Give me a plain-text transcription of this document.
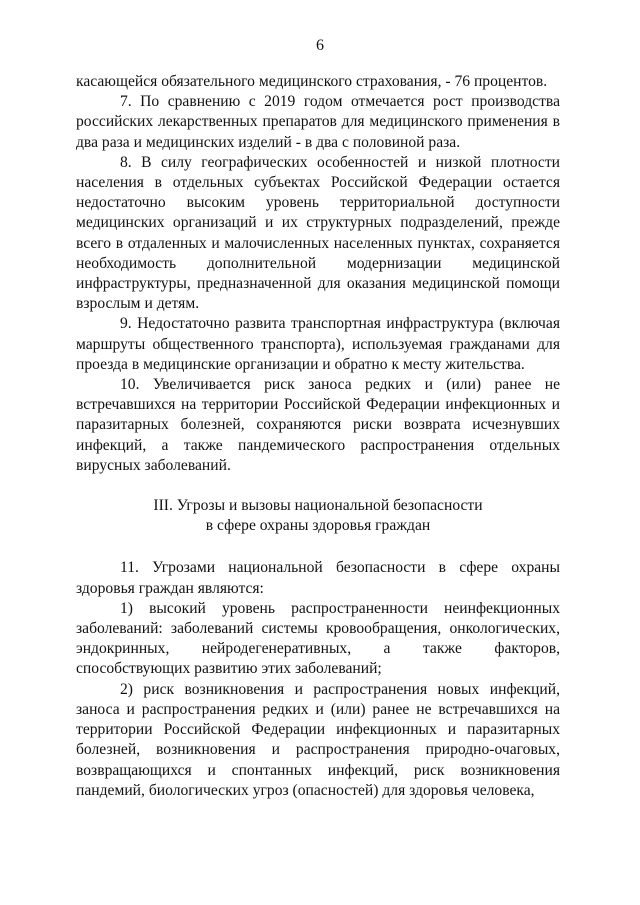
6

касающейся обязательного медицинского страхования, - 76 процентов.

7. По сравнению с 2019 годом отмечается рост производства российских лекарственных препаратов для медицинского применения в два раза и медицинских изделий - в два с половиной раза.

8. В силу географических особенностей и низкой плотности населения в отдельных субъектах Российской Федерации остается недостаточно высоким уровень территориальной доступности медицинских организаций и их структурных подразделений, прежде всего в отдаленных и малочисленных населенных пунктах, сохраняется необходимость дополнительной модернизации медицинской инфраструктуры, предназначенной для оказания медицинской помощи взрослым и детям.

9. Недостаточно развита транспортная инфраструктура (включая маршруты общественного транспорта), используемая гражданами для проезда в медицинские организации и обратно к месту жительства.

10. Увеличивается риск заноса редких и (или) ранее не встречавшихся на территории Российской Федерации инфекционных и паразитарных болезней, сохраняются риски возврата исчезнувших инфекций, а также пандемического распространения отдельных вирусных заболеваний.

III. Угрозы и вызовы национальной безопасности

в сфере охраны здоровья граждан

11. Угрозами национальной безопасности в сфере охраны здоровья граждан являются:

1) высокий уровень распространенности неинфекционных заболеваний: заболеваний системы кровообращения, онкологических, эндокринных, нейродегенеративных, а также факторов, способствующих развитию этих заболеваний;

2) риск возникновения и распространения новых инфекций, заноса и распространения редких и (или) ранее не встречавшихся на территории Российской Федерации инфекционных и паразитарных болезней, возникновения и распространения природно-очаговых, возвращающихся и спонтанных инфекций, риск возникновения пандемий, биологических угроз (опасностей) для здоровья человека,
